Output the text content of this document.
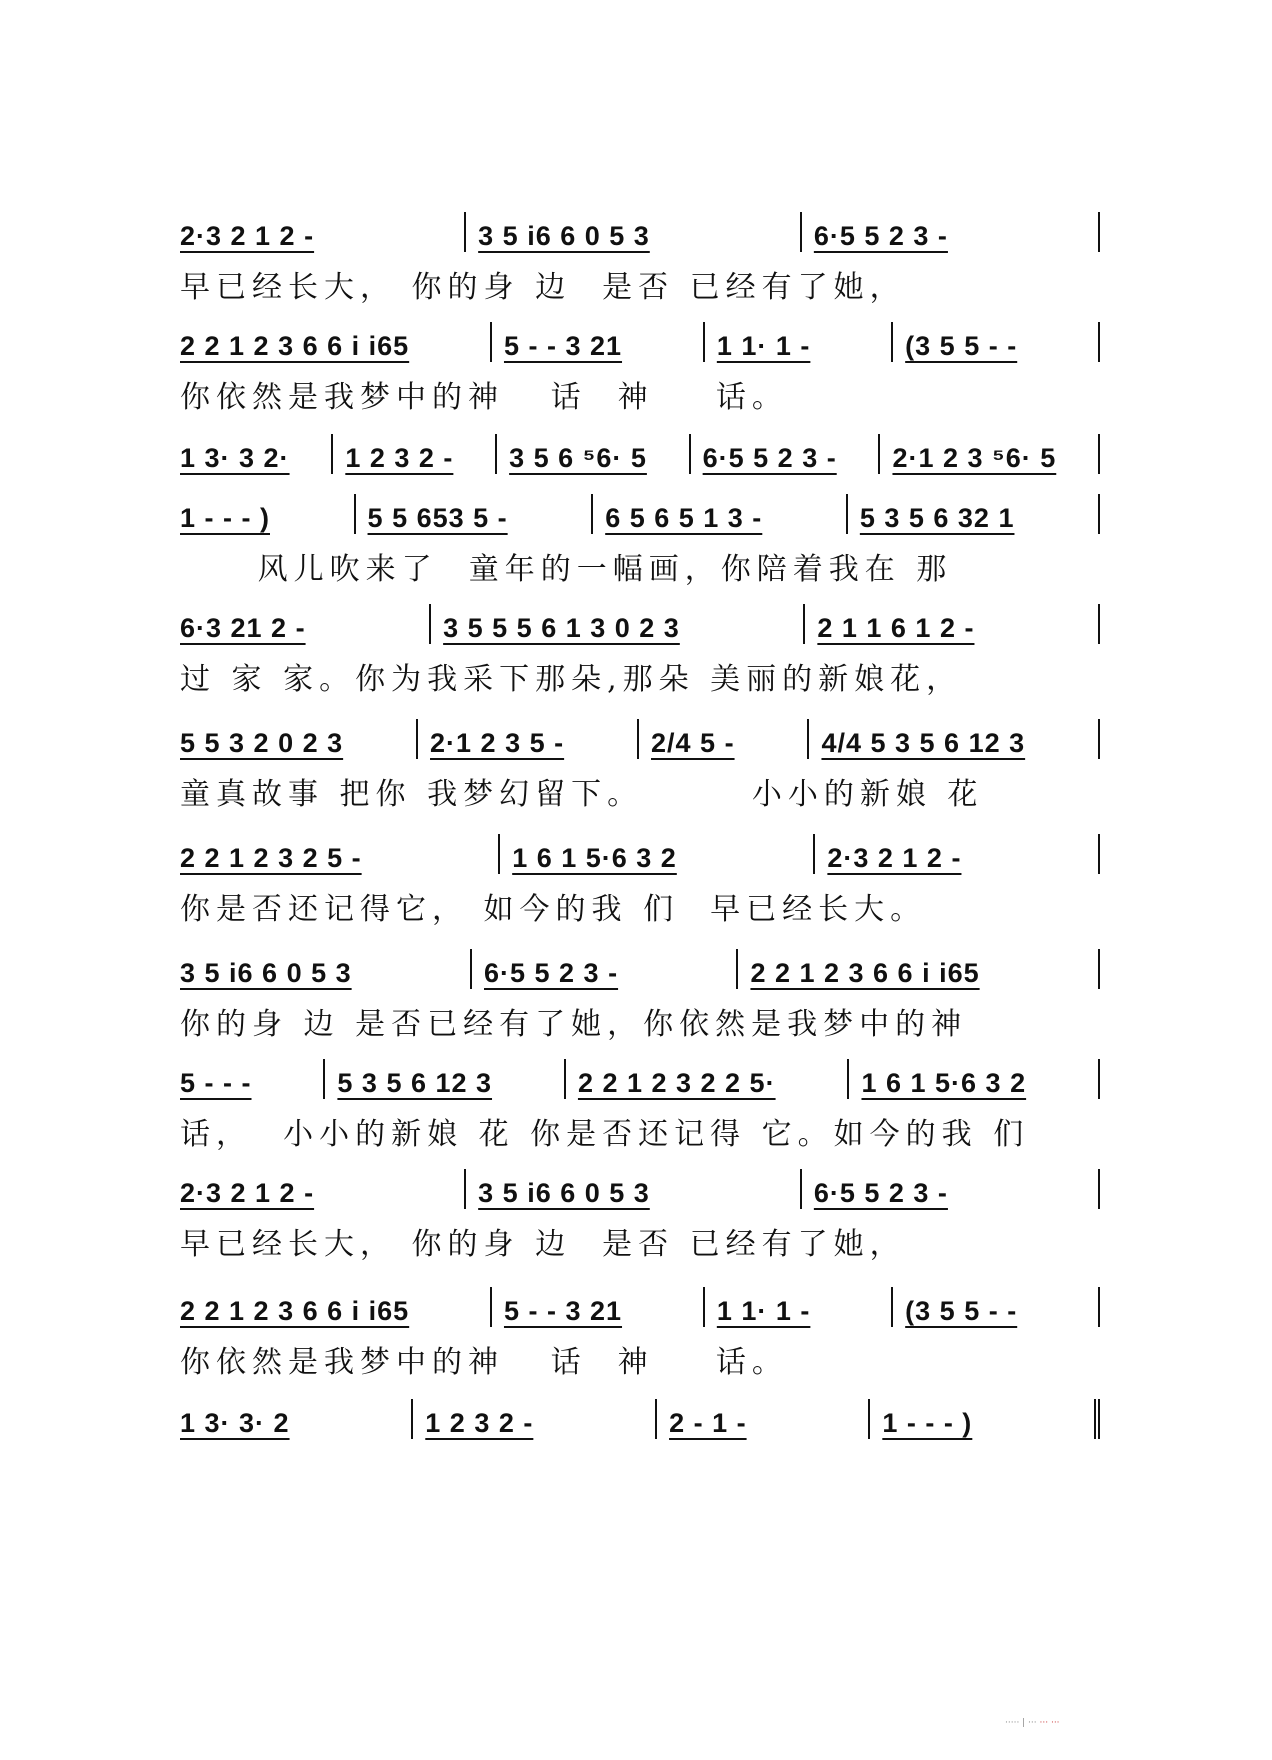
2·3 2 1 2 -	3 5 i6 6 0 5 3	6·5 5 2 3 -
早已经长大， 你的身 边  是否 已经有了她，
2 2 1 2 3 6 6 i i65	5 - - 3 21	1 1· 1 -	(3 5 5 - -
你依然是我梦中的神   话  神    话。
1 3· 3 2·	1 2 3 2 -	3 5 6 ⁵6· 5	6·5 5 2 3 -	2·1 2 3 ⁵6· 5
1 - - - )	5 5 653 5 -	6 5 6 5 1 3 -	5 3 5 6 32 1
风儿吹来了  童年的一幅画，你陪着我在 那
6·3 21 2 -	3 5 5 5 6 1 3 0 2 3	2 1 1 6 1 2 -
过 家 家。你为我采下那朵,那朵 美丽的新娘花，
5 5 3 2 0 2 3	2·1 2 3 5 -	2/4 5 -	4/4 5 3 5 6 12 3
童真故事 把你 我梦幻留下。       小小的新娘 花
2 2 1 2 3 2 5 -	1 6 1 5·6 3 2	2·3 2 1 2 -
你是否还记得它， 如今的我 们  早已经长大。
3 5 i6 6 0 5 3	6·5 5 2 3 -	2 2 1 2 3 6 6 i i65
你的身 边 是否已经有了她，你依然是我梦中的神
5 - - -	5 3 5 6 12 3	2 2 1 2 3 2 2 5·	1 6 1 5·6 3 2
话，  小小的新娘 花 你是否还记得 它。如今的我 们
2·3 2 1 2 -	3 5 i6 6 0 5 3	6·5 5 2 3 -
早已经长大， 你的身 边  是否 已经有了她，
2 2 1 2 3 6 6 i i65	5 - - 3 21	1 1· 1 -	(3 5 5 - -
你依然是我梦中的神   话  神    话。
1 3· 3· 2	1 2 3 2 -	2 - 1 -	1 - - - )
····· | ··· ··· ···
